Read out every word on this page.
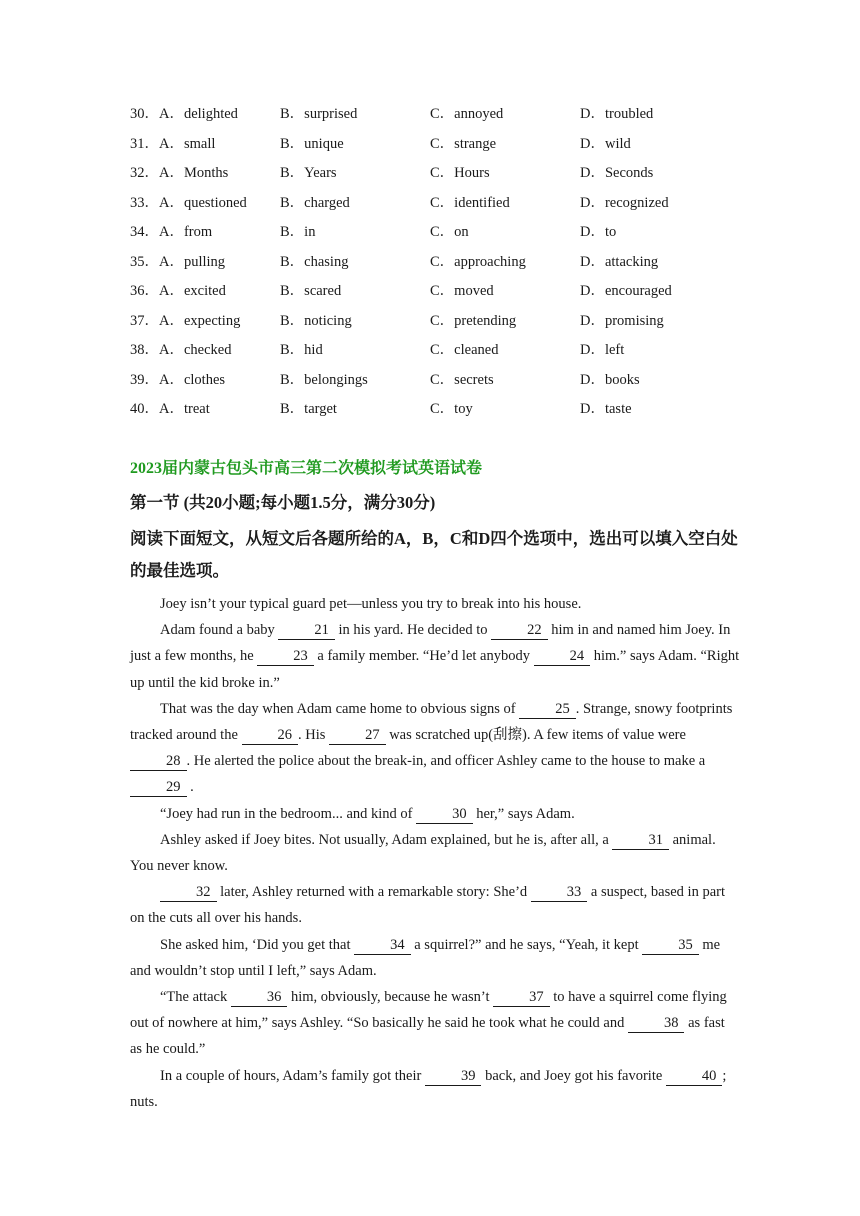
30．A．delighted	B．surprised	C．annoyed	D．troubled
31．A．small	B．unique	C．strange	D．wild
32．A．Months	B．Years	C．Hours	D．Seconds
33．A．questioned B．charged	C．identified	D．recognized
34．A．from	B．in	C．on	D．to
35．A．pulling	B．chasing	C．approaching	D．attacking
36．A．excited	B．scared	C．moved	D．encouraged
37．A．expecting	B．noticing	C．pretending	D．promising
38．A．checked	B．hid	C．cleaned	D．left
39．A．clothes	B．belongings	C．secrets	D．books
40．A．treat	B．target	C．toy	D．taste
2023届内蒙古包头市高三第二次模拟考试英语试卷
第一节 (共20小题;每小题1.5分，满分30分)
阅读下面短文，从短文后各题所给的A，B，C和D四个选项中，选出可以填入空白处的最佳选项。

Joey isn’t your typical guard pet—unless you try to break into his house.

Adam found a baby 21 in his yard. He decided to 22 him in and named him Joey. In just a few months, he 23 a family member. “He’d let anybody 24 him.” says Adam. “Right up until the kid broke in.”

That was the day when Adam came home to obvious signs of 25 . Strange, snowy footprints tracked around the 26 . His 27 was scratched up(刮擦). A few items of value were 28 . He alerted the police about the break-in, and officer Ashley came to the house to make a 29 .

“Joey had run in the bedroom... and kind of 30 her,” says Adam.

Ashley asked if Joey bites. Not usually, Adam explained, but he is, after all, a 31 animal. You never know.

32 later, Ashley returned with a remarkable story: She’d 33 a suspect, based in part on the cuts all over his hands.

She asked him, ‘Did you get that 34 a squirrel?” and he says, “Yeah, it kept 35 me and wouldn’t stop until I left,” says Adam.

“The attack 36 him, obviously, because he wasn’t 37 to have a squirrel come flying out of nowhere at him,” says Ashley. “So basically he said he took what he could and 38 as fast as he could.”

In a couple of hours, Adam’s family got their 39 back, and Joey got his favorite 40 ; nuts.
